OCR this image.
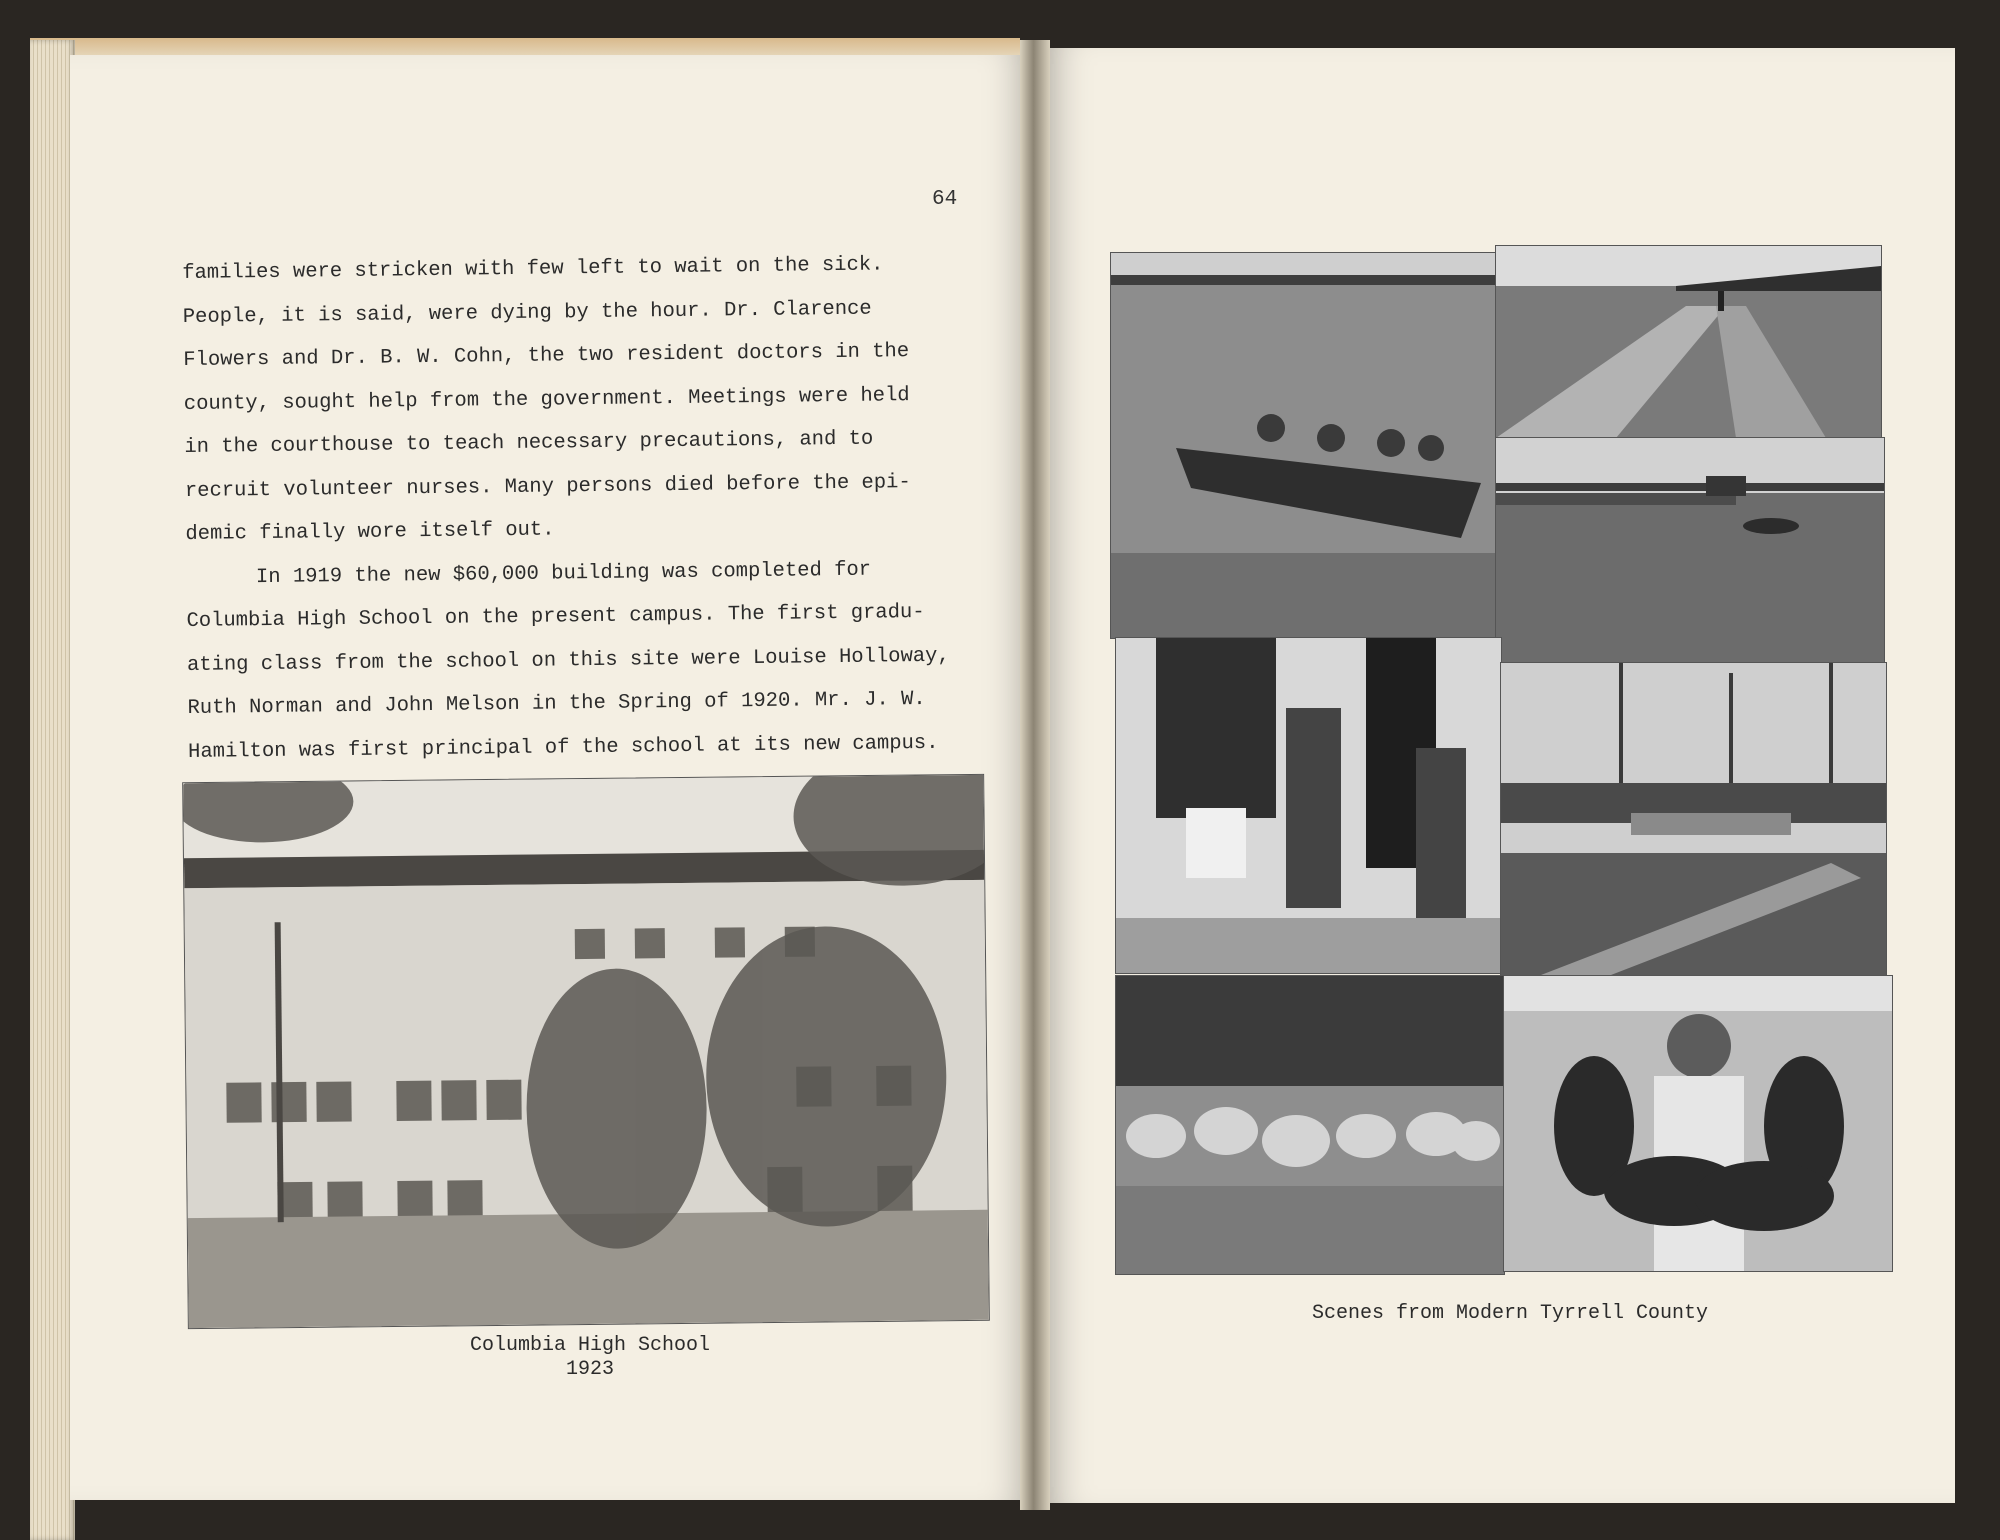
64

families were stricken with few left to wait on the sick.
People, it is said, were dying by the hour. Dr. Clarence
Flowers and Dr. B. W. Cohn, the two resident doctors in the
county, sought help from the government. Meetings were held
in the courthouse to teach necessary precautions, and to
recruit volunteer nurses. Many persons died before the epi-
demic finally wore itself out.
In 1919 the new $60,000 building was completed for
Columbia High School on the present campus. The first gradu-
ating class from the school on this site were Louise Holloway,
Ruth Norman and John Melson in the Spring of 1920. Mr. J. W.
Hamilton was first principal of the school at its new campus.

Columbia High School

1923

Scenes from Modern Tyrrell County
